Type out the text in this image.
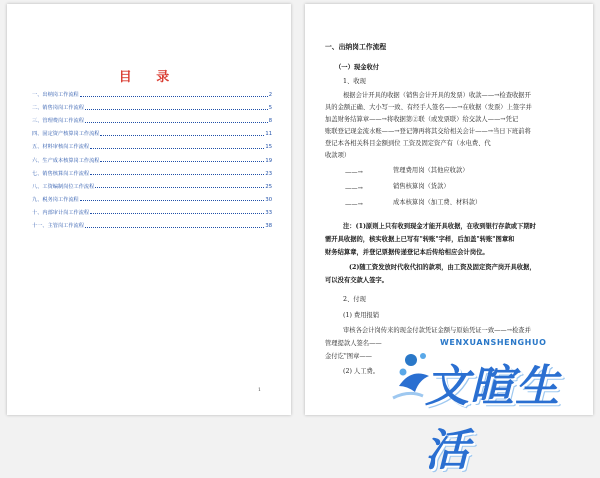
目 录
一、出纳岗工作流程	2
二、销售岗岗工作流程	5
三、管理费岗工作流程	8
四、固定资产核算岗工作流程	11
五、材料审核岗工作流程	15
六、生产成本核算岗工作流程	19
七、销售核算岗工作流程	23
八、工资编制岗位工作流程	25
九、税务岗工作流程	30
十、内部审计岗工作流程	33
十一、主管岗工作流程	38
1
一、出纳岗工作流程
（一）现金收付
1、收现
根据会计开具的收据（销售会计开具的发票）收款——→检查收据开
具的金额正确、大小写一致、有经手人签名——→在收据（发票）上签字并
加盖财务结算章——→将收据第②联（或发票联）给交款人——→凭记
账联登记现金流水账——→登记簿再将其交给相关会计——→当日下班前将
登记本各相关科目金额到位 工资及固定资产有（水电费、代
收款项）
——→	管理费用岗（其他应收款）
——→	销售核算岗（货款）
——→	成本核算岗（加工费、材料款）
注：(1)原则上只有收到现金才能开具收据，在收到银行存款或下期时
需开具收据的，核实收据上已写有"转账"字样，后加盖"转账"图章和
财务结算章，并登记票据传递登记本后传给相应会计岗位。
(2)随工资发放时代收代扣的款项，由工资及固定资产岗开具收据，
可以没有交款人签字。
2、付现
(1) 费用报销
审核各会计岗传来的现金付款凭证金额与原始凭证一致——→检查并
管理提款人签名——
金付讫"图章——
(2) 人工费。
WENXUANSHENGHUO
文暄生活
